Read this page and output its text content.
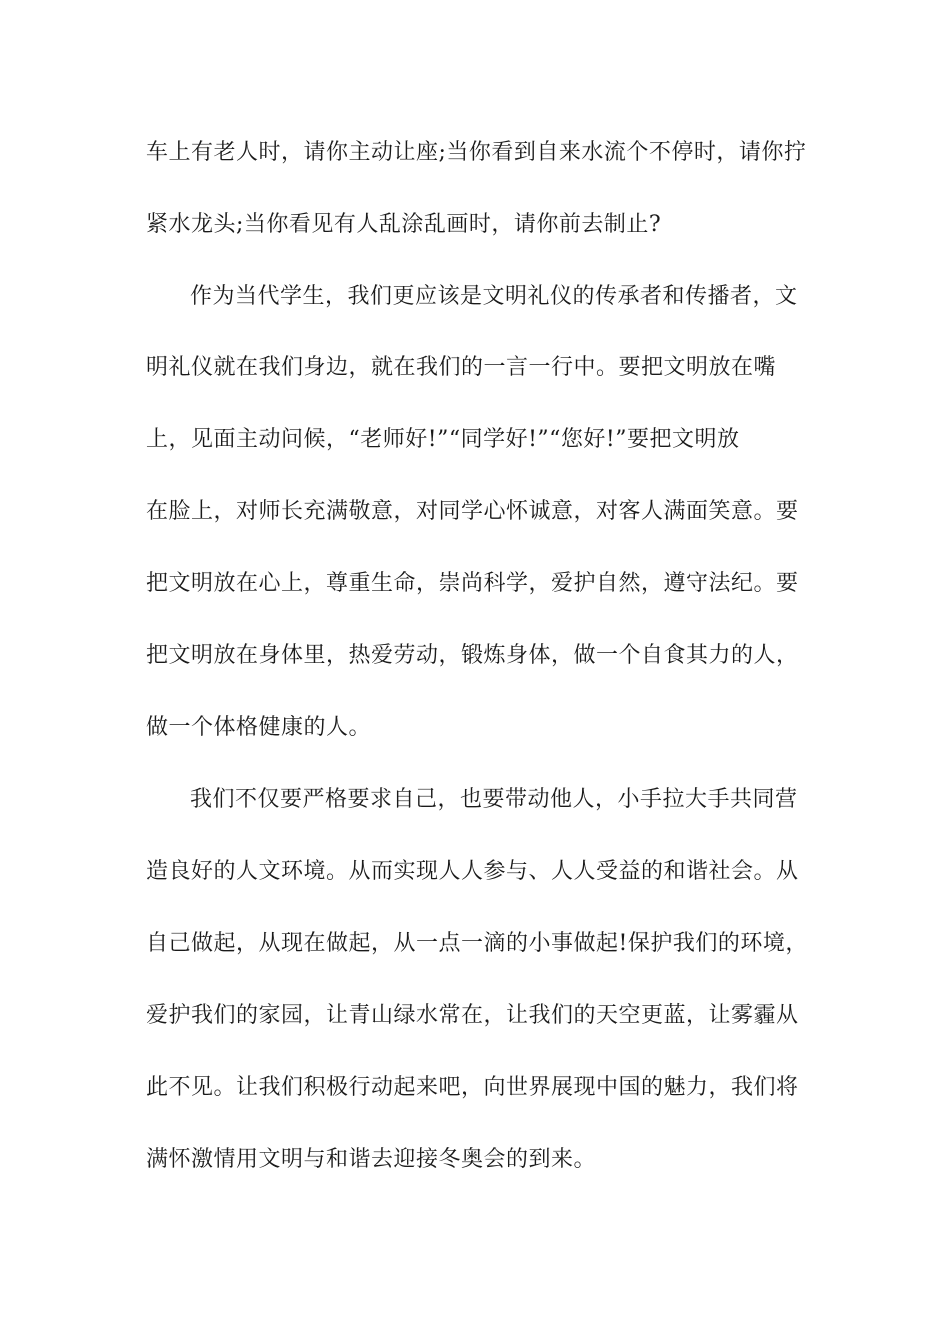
车上有老人时，请你主动让座;当你看到自来水流个不停时，请你拧
紧水龙头;当你看见有人乱涂乱画时，请你前去制止?
作为当代学生，我们更应该是文明礼仪的传承者和传播者，文
明礼仪就在我们身边，就在我们的一言一行中。要把文明放在嘴
上，见面主动问候，“老师好!”“同学好!”“您好!”要把文明放
在脸上，对师长充满敬意，对同学心怀诚意，对客人满面笑意。要
把文明放在心上，尊重生命，崇尚科学，爱护自然，遵守法纪。要
把文明放在身体里，热爱劳动，锻炼身体，做一个自食其力的人，
做一个体格健康的人。
我们不仅要严格要求自己，也要带动他人，小手拉大手共同营
造良好的人文环境。从而实现人人参与、人人受益的和谐社会。从
自己做起，从现在做起，从一点一滴的小事做起!保护我们的环境，
爱护我们的家园，让青山绿水常在，让我们的天空更蓝，让雾霾从
此不见。让我们积极行动起来吧，向世界展现中国的魅力，我们将
满怀激情用文明与和谐去迎接冬奥会的到来。
